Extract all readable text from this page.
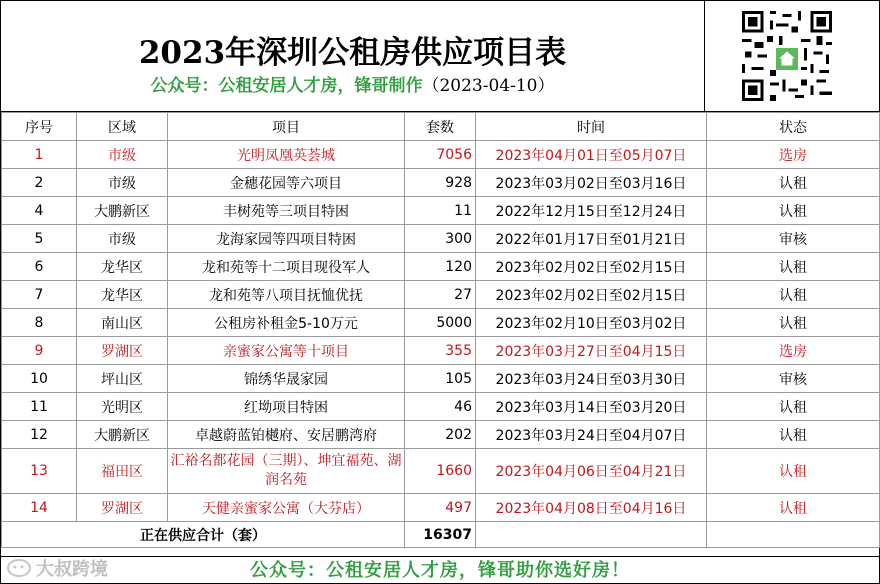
2023年深圳公租房供应项目表
公众号：公租安居人才房，锋哥制作（2023-04-10）
序号	区域	项目	套数	时间	状态
1	市级	光明凤凰英荟城	7056	2023年04月01日至05月07日	选房
2	市级	金穗花园等六项目	928	2023年03月02日至03月16日	认租
4	大鹏新区	丰树苑等三项目特困	11	2022年12月15日至12月24日	认租
5	市级	龙海家园等四项目特困	300	2022年01月17日至01月21日	审核
6	龙华区	龙和苑等十二项目现役军人	120	2023年02月02日至02月15日	认租
7	龙华区	龙和苑等八项目抚恤优抚	27	2023年02月02日至02月15日	认租
8	南山区	公租房补租金5-10万元	5000	2023年02月10日至03月02日	认租
9	罗湖区	亲蜜家公寓等十项目	355	2023年03月27日至04月15日	选房
10	坪山区	锦绣华晟家园	105	2023年03月24日至03月30日	审核
11	光明区	红坳项目特困	46	2023年03月14日至03月20日	认租
12	大鹏新区	卓越蔚蓝铂樾府、安居鹏湾府	202	2023年03月24日至04月07日	认租
13	福田区	汇裕名都花园（三期）、坤宜福苑、湖润名苑	1660	2023年04月06日至04月21日	认租
14	罗湖区	天健亲蜜家公寓（大芬店）	497	2023年04月08日至04月16日	认租
正在供应合计（套）			16307		
公众号：公租安居人才房，锋哥助你选好房！
大叔跨境
